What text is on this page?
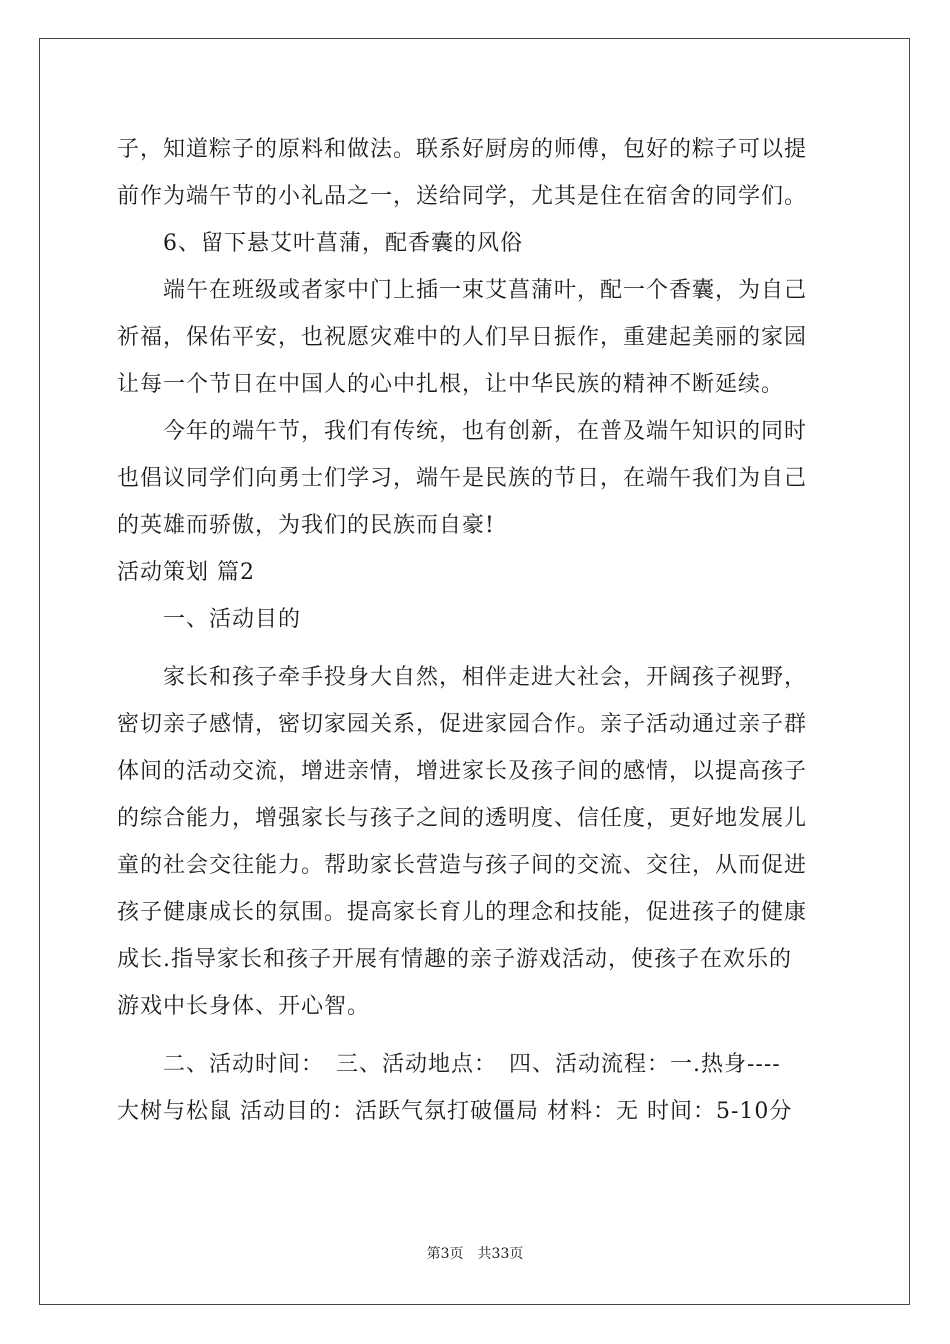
子，知道粽子的原料和做法。联系好厨房的师傅，包好的粽子可以提
前作为端午节的小礼品之一，送给同学，尤其是住在宿舍的同学们。
　　6、留下悬艾叶菖蒲，配香囊的风俗
　　端午在班级或者家中门上插一束艾菖蒲叶，配一个香囊，为自己
祈福，保佑平安，也祝愿灾难中的人们早日振作，重建起美丽的家园
让每一个节日在中国人的心中扎根，让中华民族的精神不断延续。
　　今年的端午节，我们有传统，也有创新，在普及端午知识的同时
也倡议同学们向勇士们学习，端午是民族的节日，在端午我们为自己
的英雄而骄傲，为我们的民族而自豪!
活动策划 篇2
　　一、活动目的
　　家长和孩子牵手投身大自然，相伴走进大社会，开阔孩子视野，
密切亲子感情，密切家园关系，促进家园合作。亲子活动通过亲子群
体间的活动交流，增进亲情，增进家长及孩子间的感情，以提高孩子
的综合能力，增强家长与孩子之间的透明度、信任度，更好地发展儿
童的社会交往能力。帮助家长营造与孩子间的交流、交往，从而促进
孩子健康成长的氛围。提高家长育儿的理念和技能，促进孩子的健康
成长.指导家长和孩子开展有情趣的亲子游戏活动，使孩子在欢乐的
游戏中长身体、开心智。
　　二、活动时间：　三、活动地点：　四、活动流程：一.热身----
大树与松鼠 活动目的：活跃气氛打破僵局 材料：无 时间：5-10分
第3页　共33页
